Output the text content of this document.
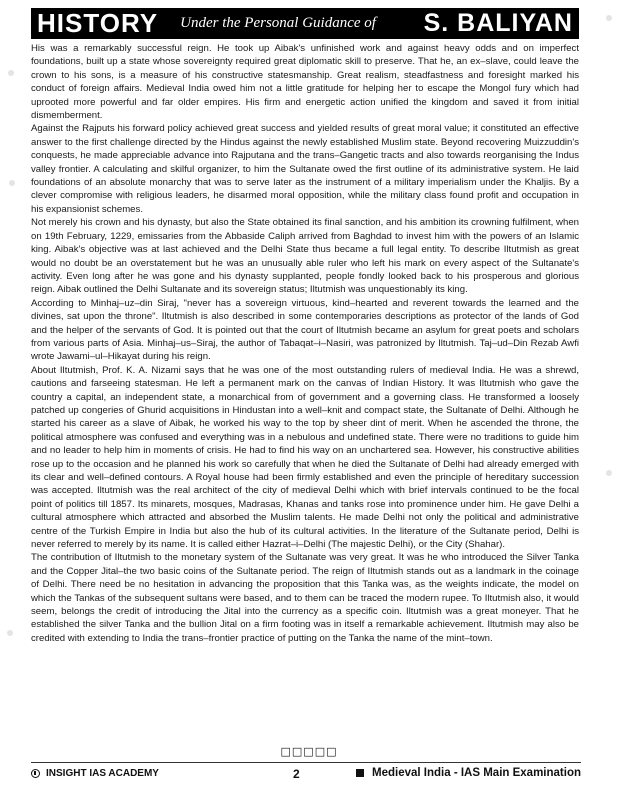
HISTORY Under the Personal Guidance of	S. BALIYAN

His was a remarkably successful reign. He took up Aibak's unfinished work and against heavy odds and on imperfect foundations, built up a state whose sovereignty required great diplomatic skill to preserve. That he, an ex–slave, could leave the crown to his sons, is a measure of his constructive statesmanship. Great realism, steadfastness and foresight marked his conduct of foreign affairs. Medieval India owed him not a little gratitude for helping her to escape the Mongol fury which had uprooted more powerful and far older empires. His firm and energetic action unified the kingdom and saved it from initial dismemberment.

Against the Rajputs his forward policy achieved great success and yielded results of great moral value; it constituted an effective answer to the first challenge directed by the Hindus against the newly established Muslim state. Beyond recovering Muizzuddin's conquests, he made appreciable advance into Rajputana and the trans–Gangetic tracts and also towards reorganising the Indus valley frontier. A calculating and skilful organizer, to him the Sultanate owed the first outline of its administrative system. He laid foundations of an absolute monarchy that was to serve later as the instrument of a military imperialism under the Khaljis. By a clever compromise with religious leaders, he disarmed moral opposition, while the military class found profit and occupation in his expansionist schemes.

Not merely his crown and his dynasty, but also the State obtained its final sanction, and his ambition its crowning fulfilment, when on 19th February, 1229, emissaries from the Abbaside Caliph arrived from Baghdad to invest him with the powers of an Islamic king. Aibak's objective was at last achieved and the Delhi State thus became a full legal entity. To describe Iltutmish as great would no doubt be an overstatement but he was an unusually able ruler who left his mark on every aspect of the Sultanate's activity. Even long after he was gone and his dynasty supplanted, people fondly looked back to his prosperous and glorious reign. Aibak outlined the Delhi Sultanate and its sovereign status; Iltutmish was unquestionably its king.

According to Minhaj–uz–din Siraj, "never has a sovereign virtuous, kind–hearted and reverent towards the learned and the divines, sat upon the throne". Iltutmish is also described in some contemporaries descriptions as protector of the lands of God and the helper of the servants of God. It is pointed out that the court of Iltutmish became an asylum for great poets and scholars from various parts of Asia. Minhaj–us–Siraj, the author of Tabaqat–i–Nasiri, was patronized by Iltutmish. Taj–ud–Din Rezab Awfi wrote Jawami–ul–Hikayat during his reign.

About Iltutmish, Prof. K. A. Nizami says that he was one of the most outstanding rulers of medieval India. He was a shrewd, cautions and farseeing statesman. He left a permanent mark on the canvas of Indian History. It was Iltutmish who gave the country a capital, an independent state, a monarchical from of government and a governing class. He transformed a loosely patched up congeries of Ghurid acquisitions in Hindustan into a well–knit and compact state, the Sultanate of Delhi. Although he started his career as a slave of Aibak, he worked his way to the top by sheer dint of merit. When he ascended the throne, the political atmosphere was confused and everything was in a nebulous and undefined state. There were no traditions to guide him and no leader to help him in moments of crisis. He had to find his way on an unchartered sea. However, his constructive abilities rose up to the occasion and he planned his work so carefully that when he died the Sultanate of Delhi had already emerged with its clear and well–defined contours. A Royal house had been firmly established and even the principle of hereditary succession was accepted. Iltutmish was the real architect of the city of medieval Delhi which with brief intervals continued to be the focal point of politics till 1857. Its minarets, mosques, Madrasas, Khanas and tanks rose into prominence under him. He gave Delhi a cultural atmosphere which attracted and absorbed the Muslim talents. He made Delhi not only the political and administrative centre of the Turkish Empire in India but also the hub of its cultural activities. In the literature of the Sultanate period, Delhi is never referred to merely by its name. It is called either Hazrat–i–Delhi (The majestic Delhi), or the City (Shahar).

The contribution of Iltutmish to the monetary system of the Sultanate was very great. It was he who introduced the Silver Tanka and the Copper Jital–the two basic coins of the Sultanate period. The reign of Iltutmish stands out as a landmark in the coinage of Delhi. There need be no hesitation in advancing the proposition that this Tanka was, as the weights indicate, the model on which the Tankas of the subsequent sultans were based, and to them can be traced the modern rupee. To Iltutmish also, it would seem, belongs the credit of introducing the Jital into the currency as a specific coin. Iltutmish was a great moneyer. That he established the silver Tanka and the bullion Jital on a firm footing was in itself a remarkable achievement. Iltutmish may also be credited with extending to India the trans–frontier practice of putting on the Tanka the name of the mint–town.

□□□□□
INSIGHT IAS ACADEMY	2	Medieval India - IAS Main Examination
